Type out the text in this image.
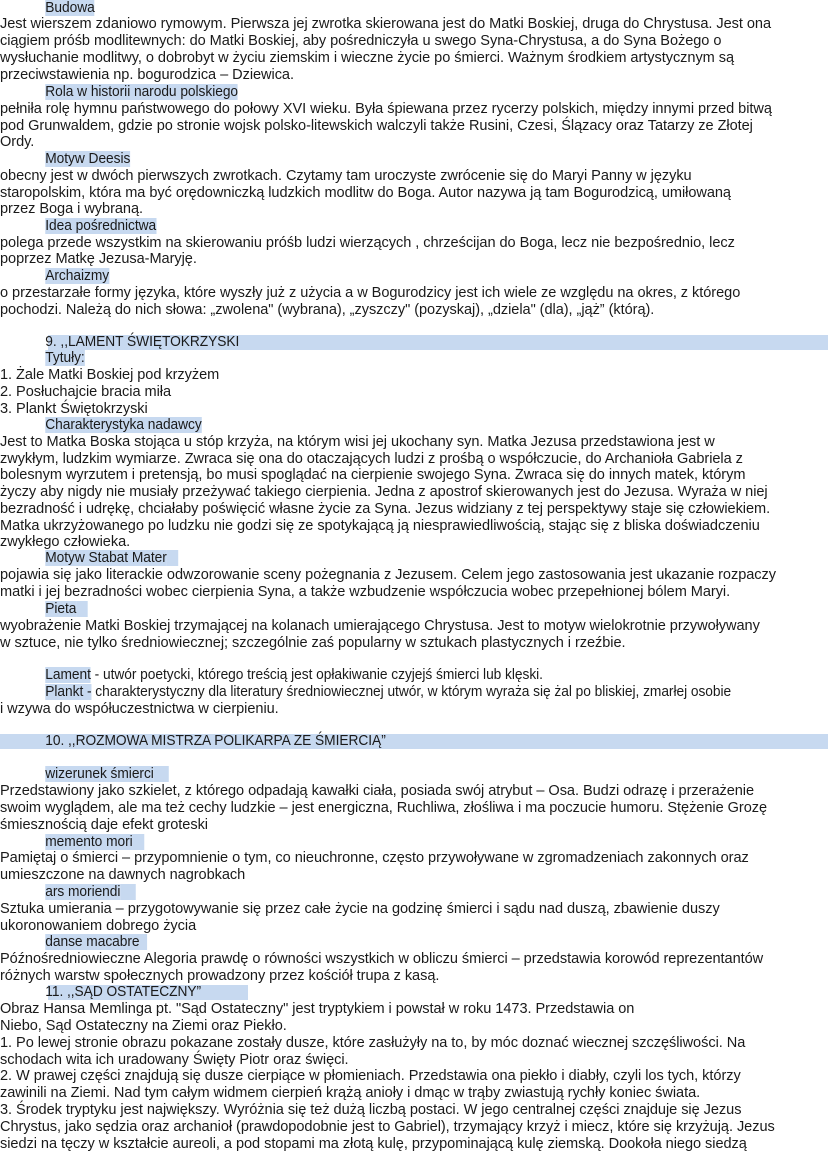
Budowa
Jest wierszem zdaniowo rymowym. Pierwsza jej zwrotka skierowana jest do Matki Boskiej, druga do Chrystusa. Jest ona
ciągiem próśb modlitewnych: do Matki Boskiej, aby pośredniczyła u swego Syna-Chrystusa, a do Syna Bożego o
wysłuchanie modlitwy, o dobrobyt w życiu ziemskim i wieczne życie po śmierci. Ważnym środkiem artystycznym są
przeciwstawienia np. bogurodzica – Dziewica.
Rola w historii narodu polskiego
pełniła rolę hymnu państwowego do połowy XVI wieku. Była śpiewana przez rycerzy polskich, między innymi przed bitwą
pod Grunwaldem, gdzie po stronie wojsk polsko-litewskich walczyli także Rusini, Czesi, Ślązacy oraz Tatarzy ze Złotej
Ordy.
Motyw Deesis
obecny jest w dwóch pierwszych zwrotkach. Czytamy tam uroczyste zwrócenie się do Maryi Panny w języku
staropolskim, która ma być orędowniczką ludzkich modlitw do Boga. Autor nazywa ją tam Bogurodzicą, umiłowaną
przez Boga i wybraną.
Idea pośrednictwa
polega przede wszystkim na skierowaniu próśb ludzi wierzących , chrześcijan do Boga, lecz nie bezpośrednio, lecz
poprzez Matkę Jezusa-Maryję.
Archaizmy
o przestarzałe formy języka, które wyszły już z użycia a w Bogurodzicy jest ich wiele ze względu na okres, z którego
pochodzi. Należą do nich słowa: „zwolena" (wybrana), „zyszczy" (pozyskaj), „dziela" (dla), „jąż” (którą).
9. ,,LAMENT ŚWIĘTOKRZYSKI
Tytuły:
1. Żale Matki Boskiej pod krzyżem
2. Posłuchajcie bracia miła
3. Plankt Świętokrzyski
Charakterystyka nadawcy
Jest to Matka Boska stojąca u stóp krzyża, na którym wisi jej ukochany syn. Matka Jezusa przedstawiona jest w
zwykłym, ludzkim wymiarze. Zwraca się ona do otaczających ludzi z prośbą o współczucie, do Archanioła Gabriela z
bolesnym wyrzutem i pretensją, bo musi spoglądać na cierpienie swojego Syna. Zwraca się do innych matek, którym
życzy aby nigdy nie musiały przeżywać takiego cierpienia. Jedna z apostrof skierowanych jest do Jezusa. Wyraża w niej
bezradność i udrękę, chciałaby poświęcić własne życie za Syna. Jezus widziany z tej perspektywy staje się człowiekiem.
Matka ukrzyżowanego po ludzku nie godzi się ze spotykającą ją niesprawiedliwością, stając się z bliska doświadczeniu
zwykłego człowieka.
Motyw Stabat Mater
pojawia się jako literackie odwzorowanie sceny pożegnania z Jezusem. Celem jego zastosowania jest ukazanie rozpaczy
matki i jej bezradności wobec cierpienia Syna, a także wzbudzenie współczucia wobec przepełnionej bólem Maryi.
Pieta
wyobrażenie Matki Boskiej trzymającej na kolanach umierającego Chrystusa. Jest to motyw wielokrotnie przywoływany
w sztuce, nie tylko średniowiecznej; szczególnie zaś popularny w sztukach plastycznych i rzeźbie.
Lament - utwór poetycki, którego treścią jest opłakiwanie czyjejś śmierci lub klęski.
Plankt - charakterystyczny dla literatury średniowiecznej utwór, w którym wyraża się żal po bliskiej, zmarłej osobie
i wzywa do współuczestnictwa w cierpieniu.
10. ,,ROZMOWA MISTRZA POLIKARPA ZE ŚMIERCIĄ”
wizerunek śmierci
Przedstawiony jako szkielet, z którego odpadają kawałki ciała, posiada swój atrybut – Osa. Budzi odrazę i przerażenie
swoim wyglądem, ale ma też cechy ludzkie – jest energiczna, Ruchliwa, złośliwa i ma poczucie humoru. Stężenie Grozę
śmiesznością daje efekt groteski
memento mori
Pamiętaj o śmierci – przypomnienie o tym, co nieuchronne, często przywoływane w zgromadzeniach zakonnych oraz
umieszczone na dawnych nagrobkach
ars moriendi
Sztuka umierania – przygotowywanie się przez całe życie na godzinę śmierci i sądu nad duszą, zbawienie duszy
ukoronowaniem dobrego życia
danse macabre
Późnośredniowieczne Alegoria prawdę o równości wszystkich w obliczu śmierci – przedstawia korowód reprezentantów
różnych warstw społecznych prowadzony przez kościół trupa z kasą.
11. ,,SĄD OSTATECZNY”
Obraz Hansa Memlinga pt. "Sąd Ostateczny" jest tryptykiem i powstał w roku 1473. Przedstawia on
Niebo, Sąd Ostateczny na Ziemi oraz Piekło.
1. Po lewej stronie obrazu pokazane zostały dusze, które zasłużyły na to, by móc doznać wiecznej szczęśliwości. Na
schodach wita ich uradowany Święty Piotr oraz święci.
2. W prawej części znajdują się dusze cierpiące w płomieniach. Przedstawia ona piekło i diabły, czyli los tych, którzy
zawinili na Ziemi. Nad tym całym widmem cierpień krążą anioły i dmąc w trąby zwiastują rychły koniec świata.
3. Środek tryptyku jest największy. Wyróżnia się też dużą liczbą postaci. W jego centralnej części znajduje się Jezus
Chrystus, jako sędzia oraz archanioł (prawdopodobnie jest to Gabriel), trzymający krzyż i miecz, które się krzyżują. Jezus
siedzi na tęczy w kształcie aureoli, a pod stopami ma złotą kulę, przypominającą kulę ziemską. Dookoła niego siedzą
